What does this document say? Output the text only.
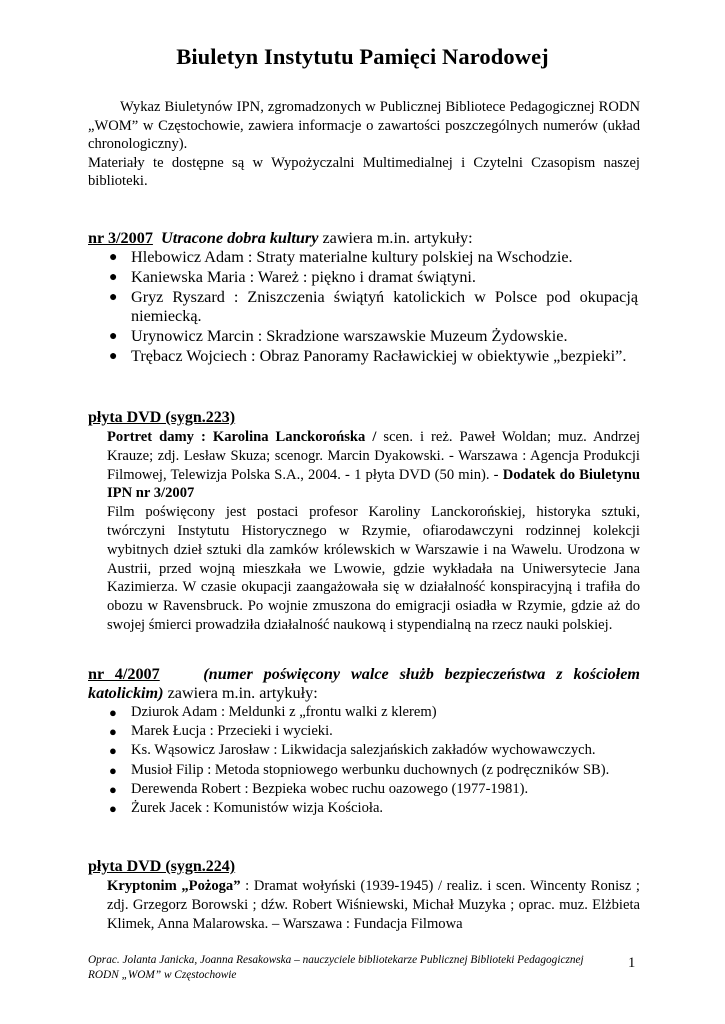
Biuletyn Instytutu Pamięci Narodowej

Wykaz Biuletynów IPN, zgromadzonych w Publicznej Bibliotece Pedagogicznej RODN „WOM” w Częstochowie, zawiera informacje o zawartości poszczególnych numerów (układ chronologiczny).

Materiały te dostępne są w Wypożyczalni Multimedialnej i Czytelni Czasopism naszej biblioteki.

nr 3/2007 Utracone dobra kultury zawiera m.in. artykuły:

● Hlebowicz Adam : Straty materialne kultury polskiej na Wschodzie.
● Kaniewska Maria : Wareż : piękno i dramat świątyni.
● Gryz Ryszard : Zniszczenia świątyń katolickich w Polsce pod okupacją niemiecką.
● Urynowicz Marcin : Skradzione warszawskie Muzeum Żydowskie.
● Trębacz Wojciech : Obraz Panoramy Racławickiej w obiektywie „bezpieki”.

płyta DVD (sygn.223)

Portret damy : Karolina Lanckorońska / scen. i reż. Paweł Woldan; muz. Andrzej Krauze; zdj. Lesław Skuza; scenogr. Marcin Dyakowski. - Warszawa : Agencja Produkcji Filmowej, Telewizja Polska S.A., 2004. - 1 płyta DVD (50 min). - Dodatek do Biuletynu IPN nr 3/2007
Film poświęcony jest postaci profesor Karoliny Lanckorońskiej, historyka sztuki, twórczyni Instytutu Historycznego w Rzymie, ofiarodawczyni rodzinnej kolekcji wybitnych dzieł sztuki dla zamków królewskich w Warszawie i na Wawelu. Urodzona w Austrii, przed wojną mieszkała we Lwowie, gdzie wykładała na Uniwersytecie Jana Kazimierza. W czasie okupacji zaangażowała się w działalność konspiracyjną i trafiła do obozu w Ravensbruck. Po wojnie zmuszona do emigracji osiadła w Rzymie, gdzie aż do swojej śmierci prowadziła działalność naukową i stypendialną na rzecz nauki polskiej.

nr 4/2007	(numer poświęcony walce służb bezpieczeństwa z kościołem katolickim) zawiera m.in. artykuły:

● Dziurok Adam : Meldunki z „frontu walki z klerem)
● Marek Łucja : Przecieki i wycieki.
● Ks. Wąsowicz Jarosław : Likwidacja salezjańskich zakładów wychowawczych.
● Musioł Filip : Metoda stopniowego werbunku duchownych (z podręczników SB).
● Derewenda Robert : Bezpieka wobec ruchu oazowego (1977-1981).
● Żurek Jacek : Komunistów wizja Kościoła.

płyta DVD (sygn.224)

Kryptonim „Pożoga” : Dramat wołyński (1939-1945) / realiz. i scen. Wincenty Ronisz ; zdj. Grzegorz Borowski ; dźw. Robert Wiśniewski, Michał Muzyka ; oprac. muz. Elżbieta Klimek, Anna Malarowska. – Warszawa : Fundacja Filmowa

Oprac. Jolanta Janicka, Joanna Resakowska – nauczyciele bibliotekarze Publicznej Biblioteki Pedagogicznej RODN „WOM” w Częstochowie

1
